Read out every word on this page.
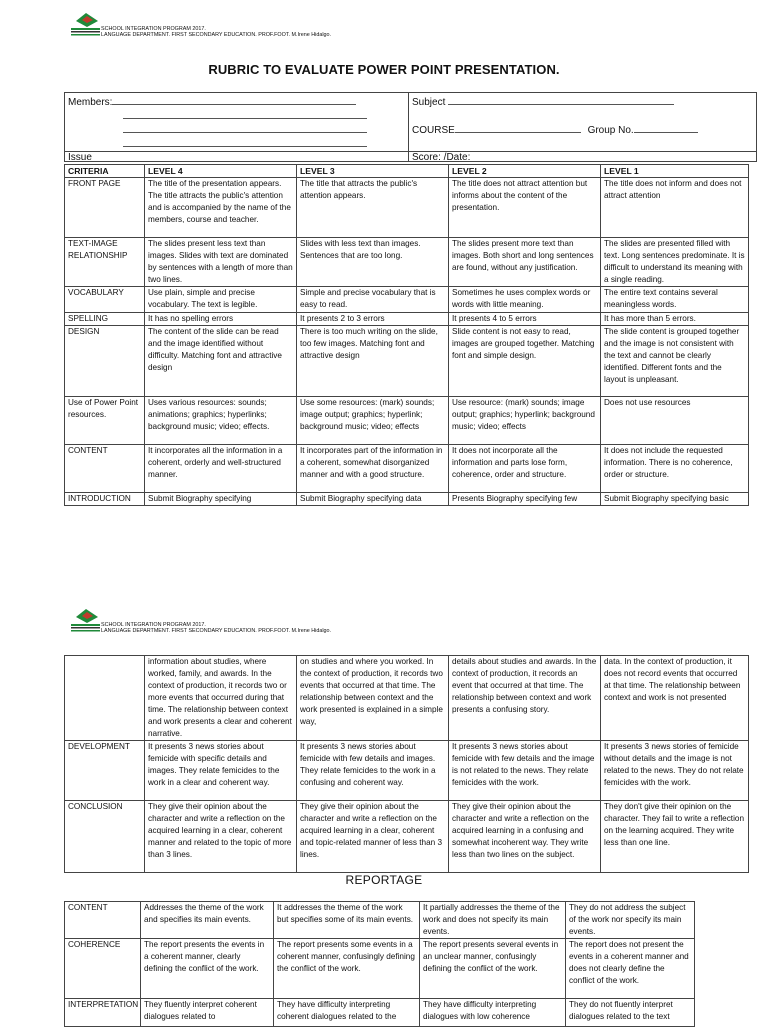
SCHOOL INTEGRATION PROGRAM 2017.
LANGUAGE DEPARTMENT. FIRST SECONDARY EDUCATION. PROF.FOOT. M.Irene Hidalgo.
RUBRIC TO EVALUATE POWER POINT PRESENTATION.
Members:	Subject
COURSE	Group No.
Issue	Score: /Date:
CRITERIA	LEVEL 4	LEVEL 3	LEVEL 2	LEVEL 1
FRONT PAGE	The title of the presentation appears. The title attracts the public's attention and is accompanied by the name of the members, course and teacher.	The title that attracts the public's attention appears.	The title does not attract attention but informs about the content of the presentation.	The title does not inform and does not attract attention
TEXT-IMAGE RELATIONSHIP	The slides present less text than images. Slides with text are dominated by sentences with a length of more than two lines.	Slides with less text than images. Sentences that are too long.	The slides present more text than images. Both short and long sentences are found, without any justification.	The slides are presented filled with text. Long sentences predominate. It is difficult to understand its meaning with a single reading.
VOCABULARY	Use plain, simple and precise vocabulary. The text is legible.	Simple and precise vocabulary that is easy to read.	Sometimes he uses complex words or words with little meaning.	The entire text contains several meaningless words.
SPELLING	It has no spelling errors	It presents 2 to 3 errors	It presents 4 to 5 errors	It has more than 5 errors.
DESIGN	The content of the slide can be read and the image identified without difficulty. Matching font and attractive design	There is too much writing on the slide, too few images. Matching font and attractive design	Slide content is not easy to read, images are grouped together. Matching font and simple design.	The slide content is grouped together and the image is not consistent with the text and cannot be clearly identified. Different fonts and the layout is unpleasant.
Use of Power Point resources.	Uses various resources: sounds; animations; graphics; hyperlinks; background music; video; effects.	Use some resources: (mark) sounds; image output; graphics; hyperlink; background music; video; effects	Use resource: (mark) sounds; image output; graphics; hyperlink; background music; video; effects	Does not use resources
CONTENT	It incorporates all the information in a coherent, orderly and well-structured manner.	It incorporates part of the information in a coherent, somewhat disorganized manner and with a good structure.	It does not incorporate all the information and parts lose form, coherence, order and structure.	It does not include the requested information. There is no coherence, order or structure.
INTRODUCTION	Submit Biography specifying	Submit Biography specifying data	Presents Biography specifying few	Submit Biography specifying basic
SCHOOL INTEGRATION PROGRAM 2017.
LANGUAGE DEPARTMENT. FIRST SECONDARY EDUCATION. PROF.FOOT. M.Irene Hidalgo.
	information about studies, where worked, family, and awards. In the context of production, it records two or more events that occurred during that time. The relationship between context and work presents a clear and coherent narrative.	on studies and where you worked. In the context of production, it records two events that occurred at that time. The relationship between context and the work presented is explained in a simple way,	details about studies and awards. In the context of production, it records an event that occurred at that time. The relationship between context and work presents a confusing story.	data. In the context of production, it does not record events that occurred at that time. The relationship between context and work is not presented
DEVELOPMENT	It presents 3 news stories about femicide with specific details and images. They relate femicides to the work in a clear and coherent way.	It presents 3 news stories about femicide with few details and images. They relate femicides to the work in a confusing and coherent way.	It presents 3 news stories about femicide with few details and the image is not related to the news. They relate femicides with the work.	It presents 3 news stories of femicide without details and the image is not related to the news. They do not relate femicides with the work.
CONCLUSION	They give their opinion about the character and write a reflection on the acquired learning in a clear, coherent manner and related to the topic of more than 3 lines.	They give their opinion about the character and write a reflection on the acquired learning in a clear, coherent and topic-related manner of less than 3 lines.	They give their opinion about the character and write a reflection on the acquired learning in a confusing and somewhat incoherent way. They write less than two lines on the subject.	They don't give their opinion on the character. They fail to write a reflection on the learning acquired. They write less than one line.
REPORTAGE
CONTENT	Addresses the theme of the work and specifies its main events.	It addresses the theme of the work but specifies some of its main events.	It partially addresses the theme of the work and does not specify its main events.	They do not address the subject of the work nor specify its main events.
COHERENCE	The report presents the events in a coherent manner, clearly defining the conflict of the work.	The report presents some events in a coherent manner, confusingly defining the conflict of the work.	The report presents several events in an unclear manner, confusingly defining the conflict of the work.	The report does not present the events in a coherent manner and does not clearly define the conflict of the work.
INTERPRETATION	They fluently interpret coherent dialogues related to	They have difficulty interpreting coherent dialogues related to the	They have difficulty interpreting dialogues with low coherence	They do not fluently interpret dialogues related to the text
